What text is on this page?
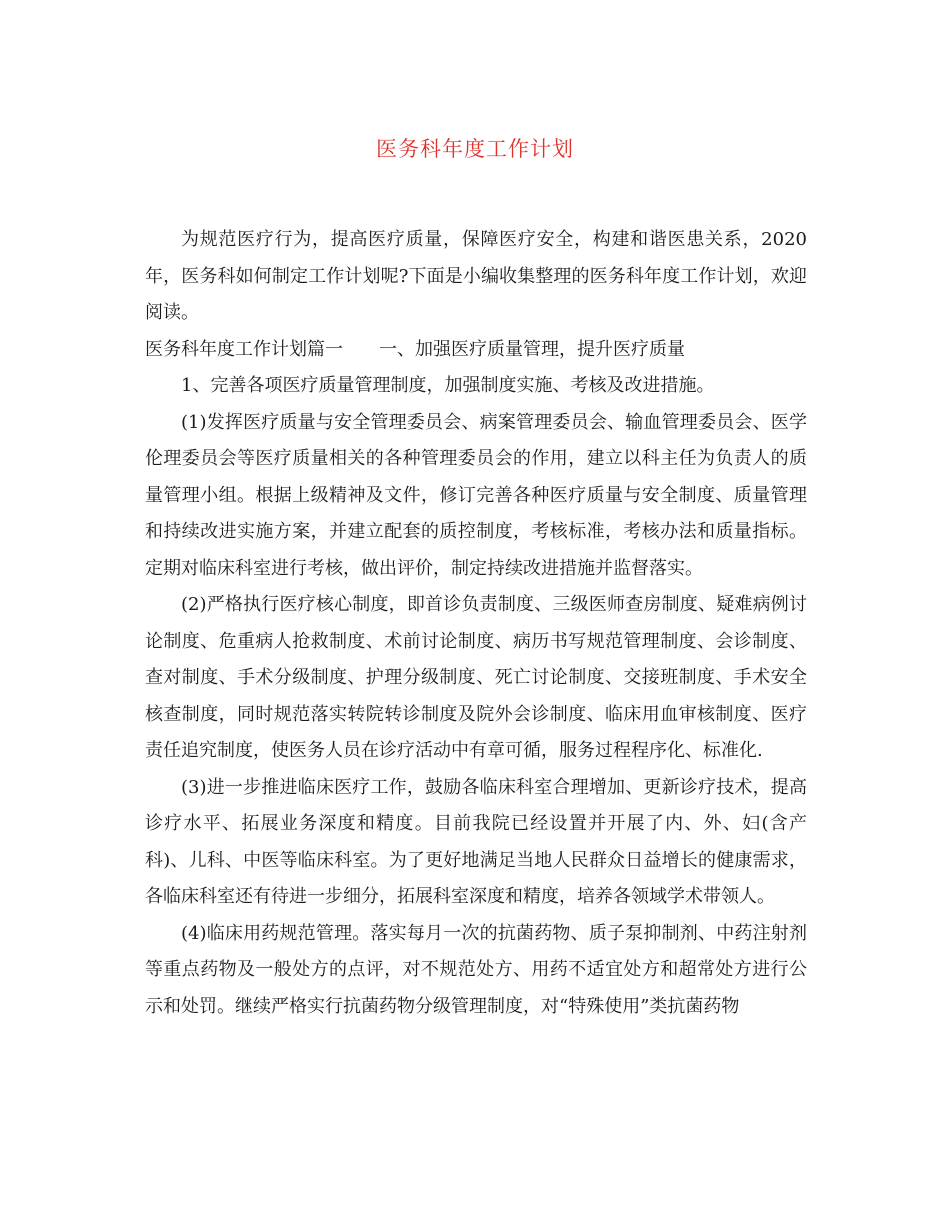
医务科年度工作计划

为规范医疗行为，提高医疗质量，保障医疗安全，构建和谐医患关系，2020年，医务科如何制定工作计划呢?下面是小编收集整理的医务科年度工作计划，欢迎阅读。

医务科年度工作计划篇一　　一、加强医疗质量管理，提升医疗质量

1、完善各项医疗质量管理制度，加强制度实施、考核及改进措施。

(1)发挥医疗质量与安全管理委员会、病案管理委员会、输血管理委员会、医学伦理委员会等医疗质量相关的各种管理委员会的作用，建立以科主任为负责人的质量管理小组。根据上级精神及文件，修订完善各种医疗质量与安全制度、质量管理和持续改进实施方案，并建立配套的质控制度，考核标准，考核办法和质量指标。定期对临床科室进行考核，做出评价，制定持续改进措施并监督落实。

(2)严格执行医疗核心制度，即首诊负责制度、三级医师查房制度、疑难病例讨论制度、危重病人抢救制度、术前讨论制度、病历书写规范管理制度、会诊制度、查对制度、手术分级制度、护理分级制度、死亡讨论制度、交接班制度、手术安全核查制度，同时规范落实转院转诊制度及院外会诊制度、临床用血审核制度、医疗责任追究制度，使医务人员在诊疗活动中有章可循，服务过程程序化、标准化.

(3)进一步推进临床医疗工作，鼓励各临床科室合理增加、更新诊疗技术，提高诊疗水平、拓展业务深度和精度。目前我院已经设置并开展了内、外、妇(含产科)、儿科、中医等临床科室。为了更好地满足当地人民群众日益增长的健康需求，各临床科室还有待进一步细分，拓展科室深度和精度，培养各领域学术带领人。

(4)临床用药规范管理。落实每月一次的抗菌药物、质子泵抑制剂、中药注射剂等重点药物及一般处方的点评，对不规范处方、用药不适宜处方和超常处方进行公示和处罚。继续严格实行抗菌药物分级管理制度，对“特殊使用”类抗菌药物
